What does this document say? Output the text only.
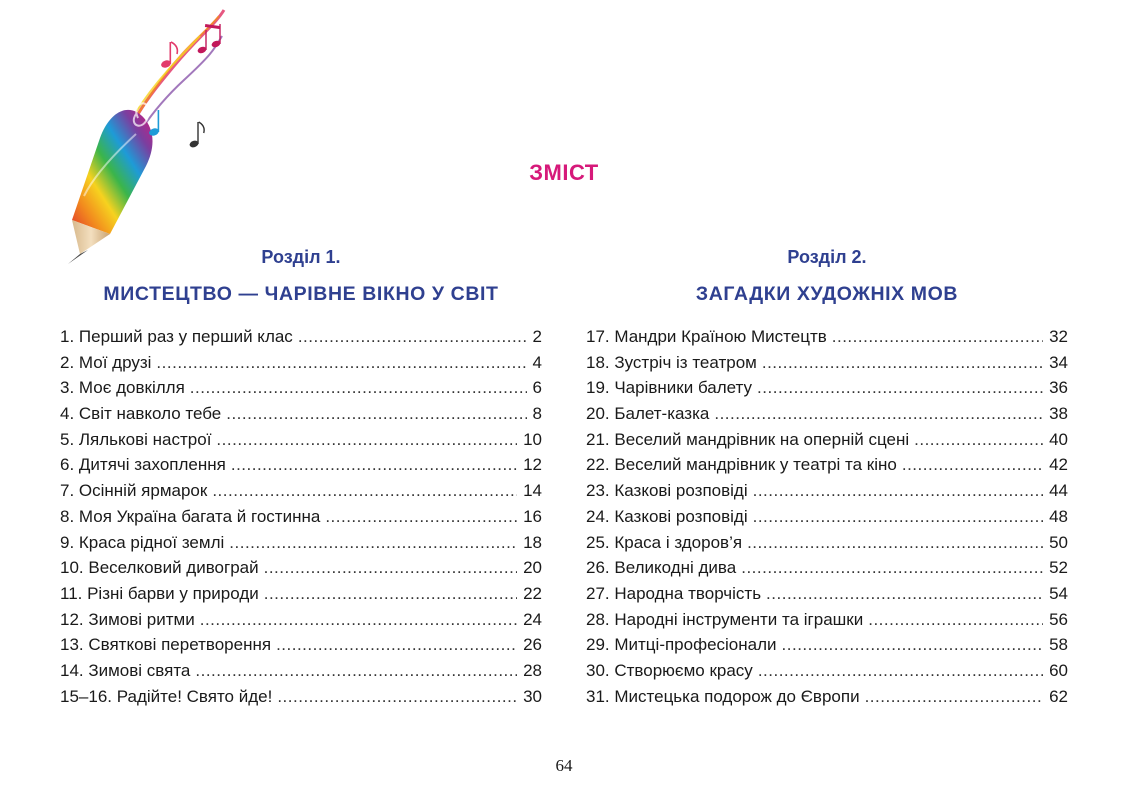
ЗМІСТ
Розділ 1.
МИСТЕЦТВО — ЧАРІВНЕ ВІКНО У СВІТ
1. Перший раз у перший клас .....	2
2. Мої друзі .....	4
3. Моє довкілля .....	6
4. Світ навколо тебе .....	8
5. Лялькові настрої .....	10
6. Дитячі захоплення .....	12
7. Осінній ярмарок .....	14
8. Моя Україна багата й гостинна .....	16
9. Краса рідної землі .....	18
10. Веселковий дивограй .....	20
11. Різні барви у природи .....	22
12. Зимові ритми .....	24
13. Святкові перетворення .....	26
14. Зимові свята .....	28
15–16. Радійте! Свято йде! .....	30
Розділ 2.
ЗАГАДКИ ХУДОЖНІХ МОВ
17. Мандри Країною Мистецтв .....	32
18. Зустріч із театром .....	34
19. Чарівники балету .....	36
20. Балет-казка .....	38
21. Веселий мандрівник на оперній сцені .....	40
22. Веселий мандрівник у театрі та кіно .....	42
23. Казкові розповіді .....	44
24. Казкові розповіді .....	48
25. Краса і здоров’я .....	50
26. Великодні дива .....	52
27. Народна творчість .....	54
28. Народні інструменти та іграшки .....	56
29. Митці-професіонали .....	58
30. Створюємо красу .....	60
31. Мистецька подорож до Європи .....	62
64
